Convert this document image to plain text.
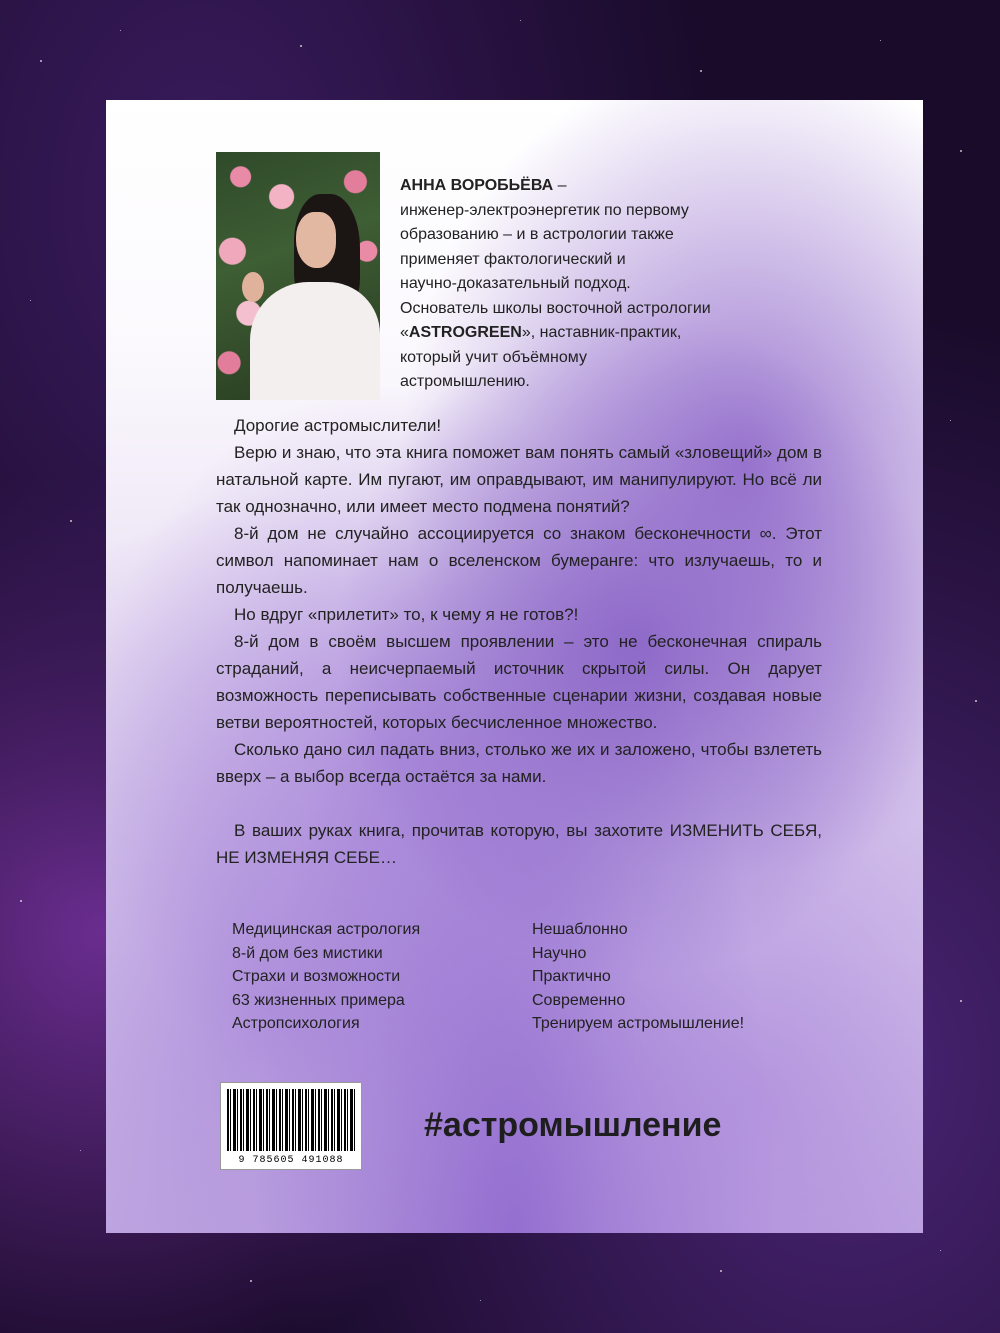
АННА ВОРОБЬЁВА –
инженер-электроэнергетик по первому
образованию – и в астрологии также
применяет фактологический и
научно-доказательный подход.
Основатель школы восточной астрологии
«ASTROGREEN», наставник-практик,
который учит объёмному
астромышлению.

Дорогие астромыслители!

Верю и знаю, что эта книга поможет вам понять самый «зловещий» дом в натальной карте. Им пугают, им оправдывают, им манипулируют. Но всё ли так однозначно, или имеет место подмена понятий?

8-й дом не случайно ассоциируется со знаком бесконечности ∞. Этот символ напоминает нам о вселенском бумеранге: что излучаешь, то и получаешь.

Но вдруг «прилетит» то, к чему я не готов?!

8-й дом в своём высшем проявлении – это не бесконечная спираль страданий, а неисчерпаемый источник скрытой силы. Он дарует возможность переписывать собственные сценарии жизни, создавая новые ветви вероятностей, которых бесчисленное множество.

Сколько дано сил падать вниз, столько же их и заложено, чтобы взлететь вверх – а выбор всегда остаётся за нами.

В ваших руках книга, прочитав которую, вы захотите ИЗМЕНИТЬ СЕБЯ, НЕ ИЗМЕНЯЯ СЕБЕ…

Медицинская астрология
8-й дом без мистики
Страхи и возможности
63 жизненных примера
Астропсихология
Нешаблонно
Научно
Практично
Современно
Тренируем астромышление!
9 785605 491088
#астромышление
